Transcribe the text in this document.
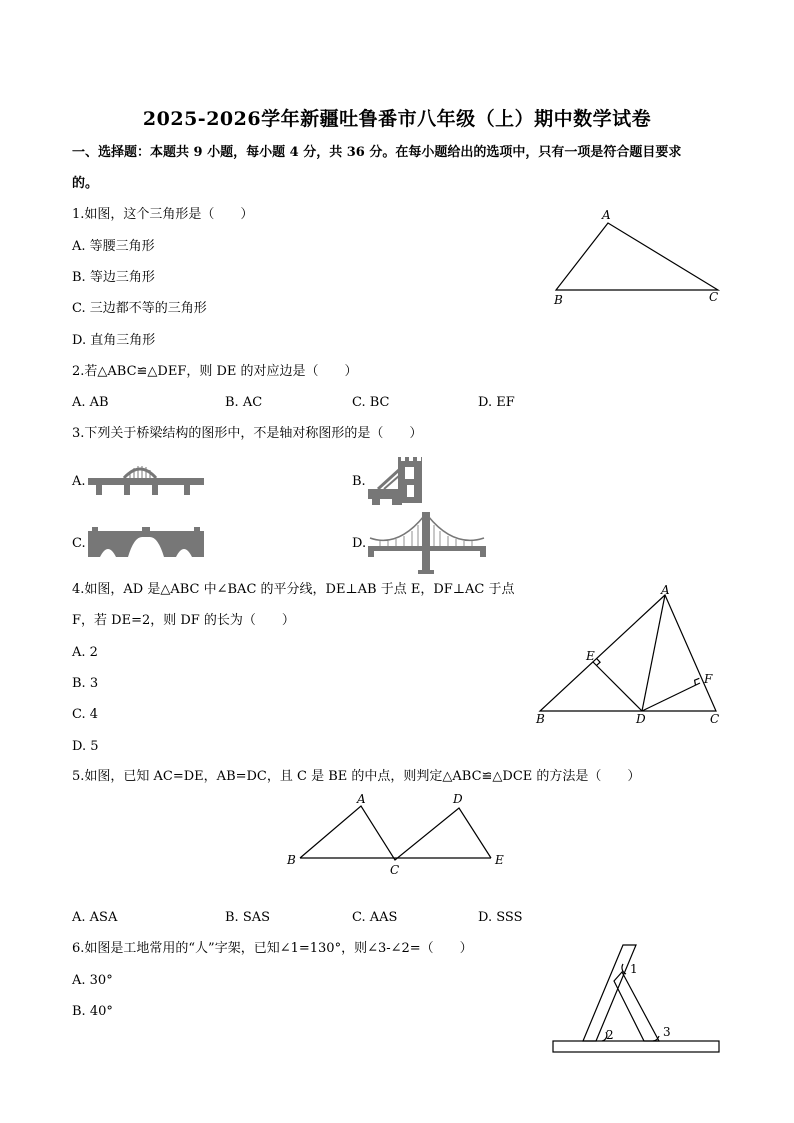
2025-2026学年新疆吐鲁番市八年级（上）期中数学试卷
一、选择题：本题共 9 小题，每小题 4 分，共 36 分。在每小题给出的选项中，只有一项是符合题目要求
的。
1.如图，这个三角形是（　　）
A. 等腰三角形
B. 等边三角形
C. 三边都不等的三角形
D. 直角三角形
A
B	C
2.若△ABC≌△DEF，则 DE 的对应边是（　　）
A. AB	B. AC	C. BC	D. EF
3.下列关于桥梁结构的图形中，不是轴对称图形的是（　　）
A.	B.
C.	D.
4.如图，AD 是△ABC 中∠BAC 的平分线，DE⊥AB 于点 E，DF⊥AC 于点
F，若 DE=2，则 DF 的长为（　　）
A. 2
B. 3
C. 4
D. 5
A
B	C
D
E
F
5.如图，已知 AC=DE，AB=DC，且 C 是 BE 的中点，则判定△ABC≌△DCE 的方法是（　　）
A
B
C
D
E
A. ASA	B. SAS	C. AAS	D. SSS
6.如图是工地常用的“人”字架，已知∠1=130°，则∠3-∠2=（　　）
A. 30°
B. 40°
1
2	3
